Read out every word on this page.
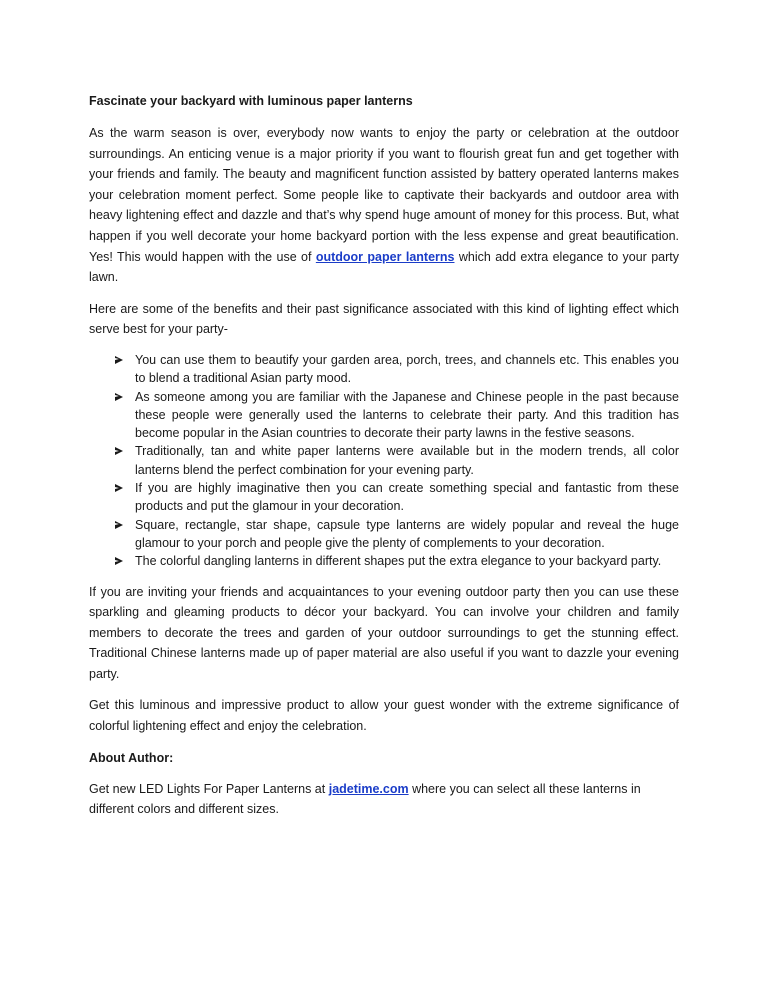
Fascinate your backyard with luminous paper lanterns

As the warm season is over, everybody now wants to enjoy the party or celebration at the outdoor surroundings. An enticing venue is a major priority if you want to flourish great fun and get together with your friends and family. The beauty and magnificent function assisted by battery operated lanterns makes your celebration moment perfect. Some people like to captivate their backyards and outdoor area with heavy lightening effect and dazzle and that’s why spend huge amount of money for this process. But, what happen if you well decorate your home backyard portion with the less expense and great beautification. Yes! This would happen with the use of outdoor paper lanterns which add extra elegance to your party lawn.

Here are some of the benefits and their past significance associated with this kind of lighting effect which serve best for your party-

You can use them to beautify your garden area, porch, trees, and channels etc. This enables you to blend a traditional Asian party mood.
As someone among you are familiar with the Japanese and Chinese people in the past because these people were generally used the lanterns to celebrate their party. And this tradition has become popular in the Asian countries to decorate their party lawns in the festive seasons.
Traditionally, tan and white paper lanterns were available but in the modern trends, all color lanterns blend the perfect combination for your evening party.
If you are highly imaginative then you can create something special and fantastic from these products and put the glamour in your decoration.
Square, rectangle, star shape, capsule type lanterns are widely popular and reveal the huge glamour to your porch and people give the plenty of complements to your decoration.
The colorful dangling lanterns in different shapes put the extra elegance to your backyard party.

If you are inviting your friends and acquaintances to your evening outdoor party then you can use these sparkling and gleaming products to décor your backyard. You can involve your children and family members to decorate the trees and garden of your outdoor surroundings to get the stunning effect. Traditional Chinese lanterns made up of paper material are also useful if you want to dazzle your evening party.

Get this luminous and impressive product to allow your guest wonder with the extreme significance of colorful lightening effect and enjoy the celebration.

About Author:

Get new LED Lights For Paper Lanterns at jadetime.com where you can select all these lanterns in different colors and different sizes.
